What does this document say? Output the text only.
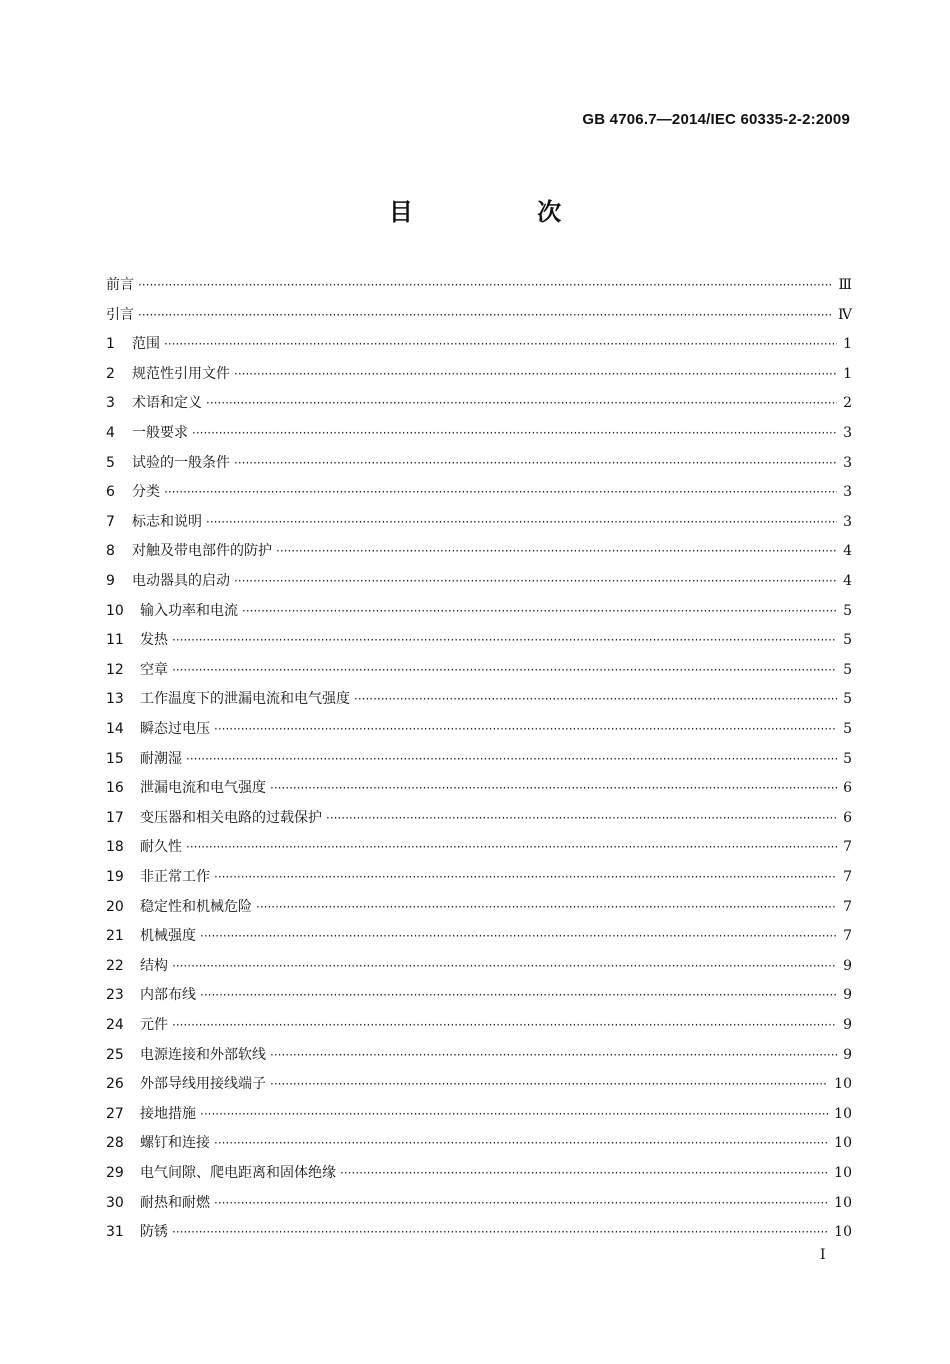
GB 4706.7—2014/IEC 60335-2-2:2009
目 次
前言 ·····	Ⅲ
引言 ·····	Ⅳ
1	范围 ·····	1
2	规范性引用文件 ·····	1
3	术语和定义 ·····	2
4	一般要求 ·····	3
5	试验的一般条件 ·····	3
6	分类 ·····	3
7	标志和说明 ·····	3
8	对触及带电部件的防护 ·····	4
9	电动器具的启动 ·····	4
10	输入功率和电流 ·····	5
11	发热 ·····	5
12	空章 ·····	5
13	工作温度下的泄漏电流和电气强度 ·····	5
14	瞬态过电压 ·····	5
15	耐潮湿 ·····	5
16	泄漏电流和电气强度 ·····	6
17	变压器和相关电路的过载保护 ·····	6
18	耐久性 ·····	7
19	非正常工作 ·····	7
20	稳定性和机械危险 ·····	7
21	机械强度 ·····	7
22	结构 ·····	9
23	内部布线 ·····	9
24	元件 ·····	9
25	电源连接和外部软线 ·····	9
26	外部导线用接线端子 ·····	10
27	接地措施 ·····	10
28	螺钉和连接 ·····	10
29	电气间隙、爬电距离和固体绝缘 ·····	10
30	耐热和耐燃 ·····	10
31	防锈 ·····	10
Ⅰ
